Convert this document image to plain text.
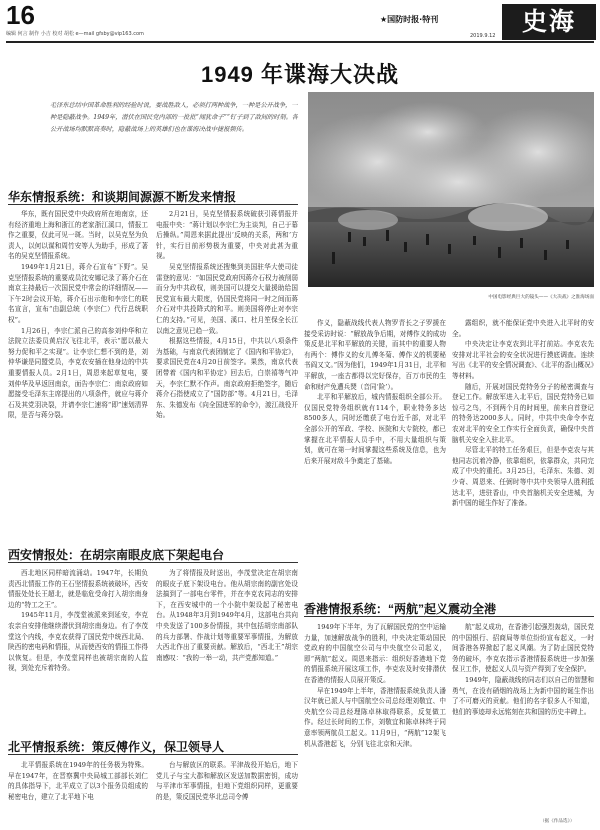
16
编辑 何言 制作 小吉 校对 胡松 e—mail gfsby@vip163.com
★国防时报·特刊
2019.9.12	史海
1949 年谍海大决战
毛泽东总结中国革命胜利的经验时说，要战胜敌人，必须打两种战争，一种是公开战争，一种是隐蔽战争。1949年，潜伏在国民党内部的一批批“闻犹命子”“钉子到了敌间的时刻。各公开战场均默默高奏时，隐蔽战场上的英雄们也在谍海决战中捷报频传。
中国电影经典巨大的镜头——《大决战》之淮海场面
华东情报系统：和谈期间源源不断发来情报

华东，既有国民党中央政府所在地南京，还有经济重地上海和浙江的老家浙江溪口，情报工作之重要，仅此可见一斑。当时，以吴克坚为负责人，以何以谋和周竹安等人为助手，形成了著名的吴克坚情报系统。

1949年1月21日，蒋介石宣布“下野”。吴克坚情报系统的重要成员沈安娜记录了蒋介石在南京主持最后一次国民党中常会的详细情况——下午2时会议开始，蒋介石出示他和李宗仁的联名宣言，宣布“由副总统（李宗仁）代行总统职权”。

1月26日，李宗仁派自己的高参刘仲华和立法院立法委员黄启汉飞往北平，表示“愿以最大努力促和平之实现”。让李宗仁想不到的是，刘仲华谦是同盟党员，李克农安插在他身边的中共重要情报人员。2月1日，周恩来起草复电，要刘仲华及早返回南京，面告李宗仁：南京政府如愿接受毛泽东主席提出的八项条件，就应与蒋介石及其党羽决裂，并请李宗仁速将“即”速划清界限，是否与蒋分裂。

2月21日，吴克坚情报系统破获引蒋情报并电报中央：“蒋计划以李宗仁为主谈判，自己于幕后操纵。”周恩来据此提出‘反映的关系，两和’方针，实行目前形势极为重要，中央对此甚为重视。

吴克坚情报系统还搜集到美国驻华大使司徒雷登的意见：“如国民党政府因蒋介石权力被削弱而分为中共政权，则美国可以提交大量援助给国民党宣布最大限度，仍国民党将同一时之间而蒋介石对中共投降式的和平。则美国将停止对李宗仁的支持。”可见，美国、溪口、杜月笙保全长江以南之意见已趋一致。

根据这些情报，4月15日，中共以八项条件为基础，与南京代表团制定了《国内和平协定》，要求国民党在4月20日前签字。果然，南京代表团带着《国内和平协定》回去后，白崇禧等气冲天，李宗仁默不作声。南京政府拒绝签字，随后蒋介石指使成立了“国防部”等。4月21日，毛泽东、朱德发布《向全国进军的命令》，渡江战役开始。

作义，隐蔽战线代表人物罗青长之子罗援在接受采访时说：“解放战争后期，对傅作义的成功策反是北平和平解放的关键，而其中的重要人物有两个：傅作义的女儿傅冬菊、傅作义的机要秘书阎又文。”因为他们，1949年1月31日，北平和平解放，一座古都得以完好保存，百万市民的生命和财产免遭兵燹（音同‘险’）。

北平和平解放后，城内情报组织全部公开。仅国民党特务组织就有114个，职业特务多达8500多人，同时还缴获了电台近千部，对北平全部公开的军政、学校、医院和大专院校，都已掌握在北平情报人员手中，不用大量组织与策划，就可在第一时间掌握这些系统及信息，也为后来开展对敌斗争奠定了基础。

露组织，就不能保证党中央进入北平时的安全。

中央决定让李克农到北平打前站。李克农先安排对北平社会的安全状况进行摸底调查。连续写出《北平的安全情况调查》、《北平的香山概况》等材料。

随后，开展对国民党特务分子的秘密调查与登记工作。解放军进入北平后，国民党特务已如惊弓之鸟，不到两个月的时间里，前来自首登记的特务达2000多人。同时，中共中央命令李克农对北平的安全工作实行全面负责，确保中央首脑机关安全入驻北平。

尽管北平的特工任务艰巨，但是李克农与其他同志沉着冷静，依靠组织，依靠群众，共同完成了中央的重托。3月25日，毛泽东、朱德、刘少奇、周恩来、任弼时等中共中央领导人胜利抵达北平，进驻香山，中央首脑机关安全进城，为新中国的诞生作好了准备。

西安情报处：在胡宗南眼皮底下架起电台

西北地区同样暗流涌动。1947年，长期负责西北情报工作的王石坚情报系统被破坏，西安情报处处长王超北，就是临危受命打入胡宗南身边的“特工之王”。

1945年11月，李茂堂被派来到延安，李克农亲自安排他继续潜伏到胡宗南身边。有了李茂堂这个内线，李克农获得了国民党中统西北局、陕西的密电码和情报，从而使西安的情报工作得以恢复。但是，李茂堂同样也被胡宗南的人监视，到处充斥着特务。

为了将情报及时送出，李茂堂决定在胡宗南的眼皮子底下架设电台。他从胡宗南的副官处设法搞到了一部电台零件，并在李克农同志的安排下，在西安城中的一个小院中架设起了秘密电台。从1948年3月到1949年4月，这部电台共向中央发送了100多份情报，其中包括胡宗南部队的兵力部署、作战计划等重要军事情报，为解放大西北作出了重要贡献。解放后，“西北王”胡宗南感叹：“我的一举一动，共产党都知道。”

北平情报系统：策反傅作义，保卫领导人

北平情报系统在1949年的任务极为特殊。早在1947年，在晋察冀中央局城工部部长刘仁的具体指导下，北平成立了以3个报务员组成的秘密电台，建立了北平地下电

台与解放区的联系。平津战役开始后，地下党儿子与宝大郡和解放区发送加数据密钥，成功与平津市军事情报，但地下党组织同样，更重要的是，策反国民党华北总司令傅

香港情报系统：“两航”起义震动全港

1949年下半年，为了瓦解国民党的空中运输力量，加速解放战争的胜利，中央决定策动国民党政府的中国航空公司与中央航空公司起义，即“两航”起义。周恩来指示：组织好香港地下党的情报系统开展这项工作，李克农及时安排潜伏在香港的情报人员展开策反。

早在1949年上半年，香港情报系统负责人潘汉年就已派人与中国航空公司总经理刘敬宜、中央航空公司总经理陈卓林取得联系，反复做工作。经过长时间的工作，刘敬宜和陈卓林终于同意率领两航员工起义。11月9日，“两航”12架飞机从香港起飞，分别飞往北京和天津。

航”起义成功，在香港引起强烈轰动，国民党的中国银行、招商局等单位纷纷宣布起义，一时间香港各界掀起了起义风潮。为了防止国民党特务的破坏，李克农指示香港情报系统进一步加强保卫工作，使起义人员与资产得到了安全保护。

1949年，隐蔽战线的同志们以自己的智慧和勇气，在没有硝烟的战场上为新中国的诞生作出了不可磨灭的贡献。他们的名字很多人不知道，他们的事迹却永远铭刻在共和国的历史丰碑上。

（据《作品选》）
